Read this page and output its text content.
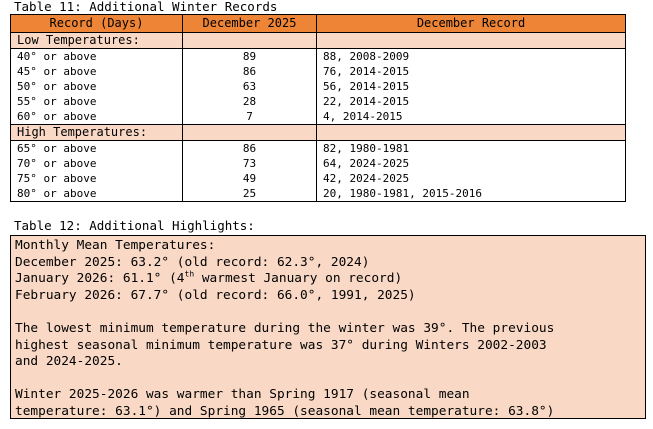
Table 11: Additional Winter Records
Record (Days)	December 2025	December Record
Low Temperatures:		
40° or above	89	88, 2008-2009
45° or above	86	76, 2014-2015
50° or above	63	56, 2014-2015
55° or above	28	22, 2014-2015
60° or above	7	4, 2014-2015
High Temperatures:		
65° or above	86	82, 1980-1981
70° or above	73	64, 2024-2025
75° or above	49	42, 2024-2025
80° or above	25	20, 1980-1981, 2015-2016
Table 12: Additional Highlights:
Monthly Mean Temperatures:
December 2025: 63.2° (old record: 62.3°, 2024)
January 2026: 61.1° (4th warmest January on record)
February 2026: 67.7° (old record: 66.0°, 1991, 2025)
The lowest minimum temperature during the winter was 39°. The previous
highest seasonal minimum temperature was 37° during Winters 2002-2003
and 2024-2025.
Winter 2025-2026 was warmer than Spring 1917 (seasonal mean
temperature: 63.1°) and Spring 1965 (seasonal mean temperature: 63.8°)
